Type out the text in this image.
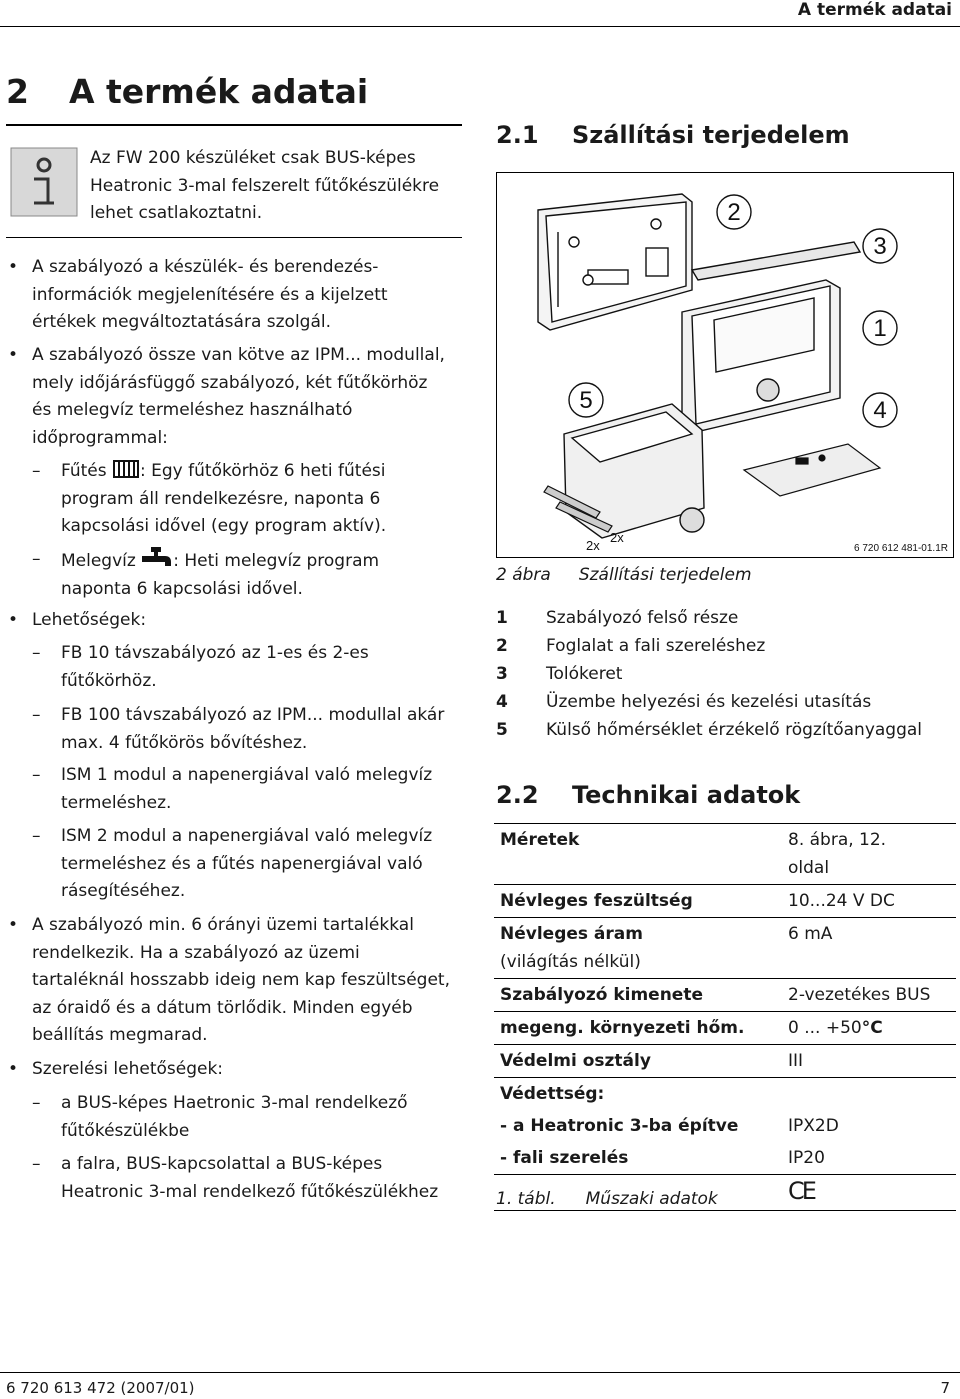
A termék adatai
2 A termék adatai
Az FW 200 készüléket csak BUS-képes Heatronic 3-mal felszerelt fűtőkészülékre lehet csatlakoztatni.
• A szabályozó a készülék- és berendezés-információk megjelenítésére és a kijelzett értékek megváltoztatására szolgál.
• A szabályozó össze van kötve az IPM... modullal, mely időjárásfüggő szabályozó, két fűtőkörhöz és melegvíz termeléshez használható időprogrammal:
– Fűtés : Egy fűtőkörhöz 6 heti fűtési program áll rendelkezésre, naponta 6 kapcsolási idővel (egy program aktív).
– Melegvíz : Heti melegvíz program naponta 6 kapcsolási idővel.
• Lehetőségek:
– FB 10 távszabályozó az 1-es és 2-es fűtőkörhöz.
– FB 100 távszabályozó az IPM... modullal akár max. 4 fűtőkörös bővítéshez.
– ISM 1 modul a napenergiával való melegvíz termeléshez.
– ISM 2 modul a napenergiával való melegvíz termeléshez és a fűtés napenergiával való rásegítéséhez.
• A szabályozó min. 6 órányi üzemi tartalékkal rendelkezik. Ha a szabályozó az üzemi tartaléknál hosszabb ideig nem kap feszültséget, az óraidő és a dátum törlődik. Minden egyéb beállítás megmarad.
• Szerelési lehetőségek:
– a BUS-képes Haetronic 3-mal rendelkező fűtőkészülékbe
– a falra, BUS-kapcsolattal a BUS-képes Heatronic 3-mal rendelkező fűtőkészülékhez
2.1    Szállítási terjedelem
2
3
1
4
5
2x
2x
6 720 612 481-01.1R
2 ábra Szállítási terjedelem
1 Szabályozó felső része
2 Foglalat a fali szereléshez
3 Tolókeret
4 Üzembe helyezési és kezelési utasítás
5 Külső hőmérséklet érzékelő rögzítőanyaggal
2.2    Technikai adatok
Méretek	8. ábra, 12.
oldal
Névleges feszültség	10...24 V DC
Névleges áram
(világítás nélkül)	6 mA
Szabályozó kimenete	2-vezetékes BUS
megeng. környezeti hőm.	0 ... +50°C
Védelmi osztály	III
Védettség:	
- a Heatronic 3-ba építve	IPX2D
- fali szerelés	IP20
	CE
1. tábl. Műszaki adatok
6 720 613 472 (2007/01)	7
